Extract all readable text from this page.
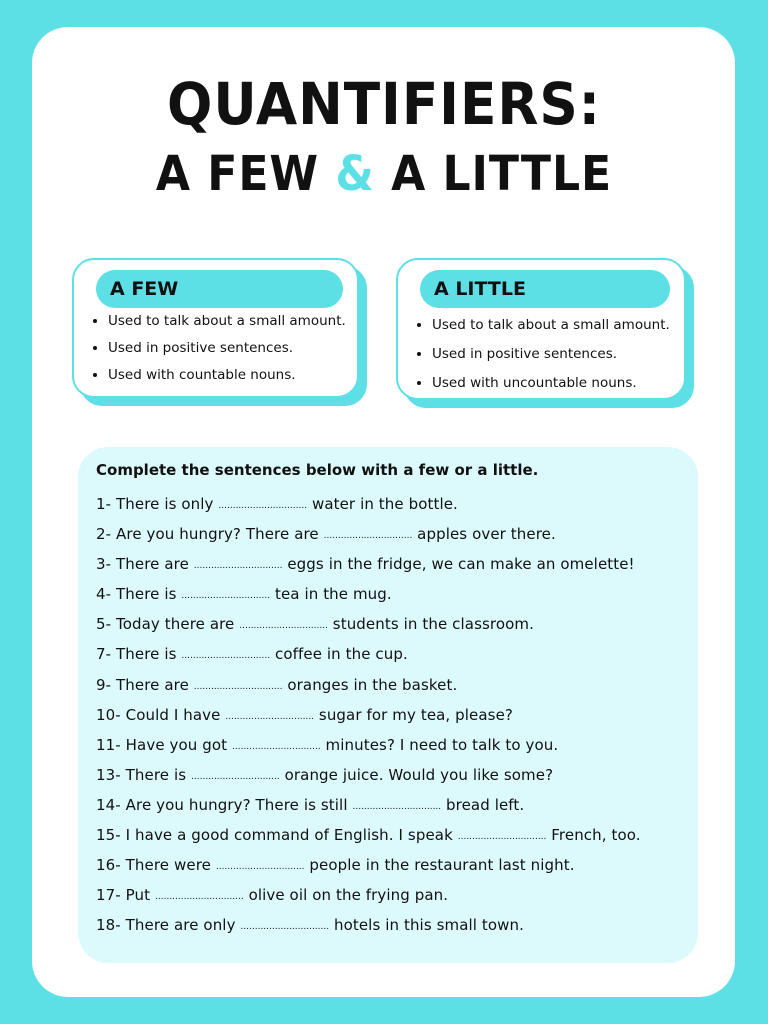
QUANTIFIERS:
A FEW & A LITTLE
A FEW
• Used to talk about a small amount.
• Used in positive sentences.
• Used with countable nouns.
A LITTLE
• Used to talk about a small amount.
• Used in positive sentences.
• Used with uncountable nouns.
Complete the sentences below with a few or a little.
1- There is only ............................... water in the bottle.
2- Are you hungry? There are ............................... apples over there.
3- There are ............................... eggs in the fridge, we can make an omelette!
4- There is ............................... tea in the mug.
5- Today there are ............................... students in the classroom.
7- There is ............................... coffee in the cup.
9- There are ............................... oranges in the basket.
10- Could I have ............................... sugar for my tea, please?
11- Have you got ............................... minutes? I need to talk to you.
13- There is ............................... orange juice. Would you like some?
14- Are you hungry? There is still ............................... bread left.
15- I have a good command of English. I speak ............................... French, too.
16- There were ............................... people in the restaurant last night.
17- Put ............................... olive oil on the frying pan.
18- There are only ............................... hotels in this small town.
